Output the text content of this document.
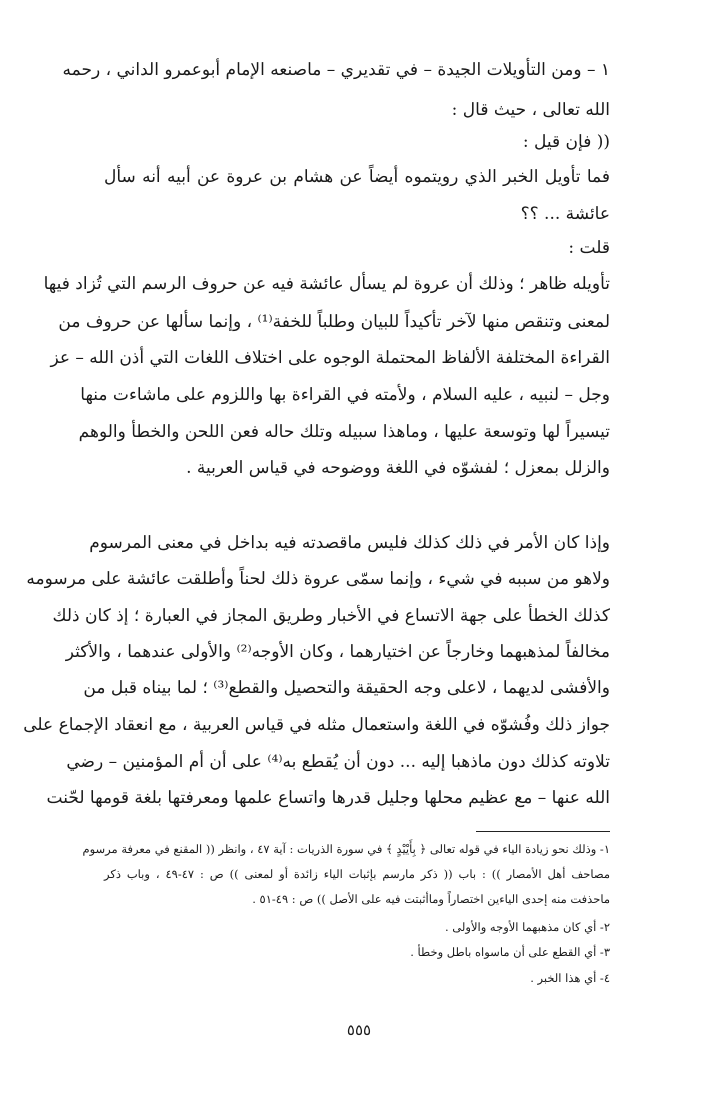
١ – ومن التأويلات الجيدة – في تقديري – ماصنعه الإمام أبوعمرو الداني ، رحمه
الله تعالى ، حيث قال :
(( فإن قيل :
فما تأويل الخبر الذي رويتموه أيضاً عن هشام بن عروة عن أبيه أنه سأل
عائشة ... ؟؟
قلت :
تأويله ظاهر ؛ وذلك أن عروة لم يسأل عائشة فيه عن حروف الرسم التي تُزاد فيها
لمعنى وتنقص منها لآخر تأكيداً للبيان وطلباً للخفة⁽¹⁾ ، وإنما سألها عن حروف من
القراءة المختلفة الألفاظ المحتملة الوجوه على اختلاف اللغات التي أذن الله – عز
وجل – لنبيه ، عليه السلام ، ولأمته في القراءة بها واللزوم على ماشاءت منها
تيسيراً لها وتوسعة عليها ، وماهذا سبيله وتلك حاله فعن اللحن والخطأ والوهم
والزلل بمعزل ؛ لفشوّه في اللغة ووضوحه في قياس العربية .
وإذا كان الأمر في ذلك كذلك فليس ماقصدته فيه بداخل في معنى المرسوم
ولاهو من سببه في شيء ، وإنما سمّى عروة ذلك لحناً وأطلقت عائشة على مرسومه
كذلك الخطأ على جهة الاتساع في الأخبار وطريق المجاز في العبارة ؛ إذ كان ذلك
مخالفاً لمذهبهما وخارجاً عن اختيارهما ، وكان الأوجه⁽²⁾ والأولى عندهما ، والأكثر
والأفشى لديهما ، لاعلى وجه الحقيقة والتحصيل والقطع⁽³⁾ ؛ لما بيناه قبل من
جواز ذلك وفُشوّه في اللغة واستعمال مثله في قياس العربية ، مع انعقاد الإجماع على
تلاوته كذلك دون ماذهبا إليه ... دون أن يُقطع به⁽⁴⁾ على أن أم المؤمنين – رضي
الله عنها – مع عظيم محلها وجليل قدرها واتساع علمها ومعرفتها بلغة قومها لحّنت
١- وذلك نحو زيادة الياء في قوله تعالى ﴿ بِأَيْيْدٍ ﴾ في سورة الذريات : آية ٤٧ ، وانظر (( المقنع في معرفة مرسوم
مصاحف أهل الأمصار )) : باب (( ذكر مارسم بإثبات الياء زائدة أو لمعنى )) ص : ٤٧-٤٩ ، وباب ذكر
ماحذفت منه إحدى الياءين اختصاراً وماأثبتت فيه على الأصل )) ص : ٤٩-٥١ .
٢- أي كان مذهبهما الأوجه والأولى .
٣- أي القطع على أن ماسواه باطل وخطأ .
٤- أي هذا الخبر .
٥٥٥
